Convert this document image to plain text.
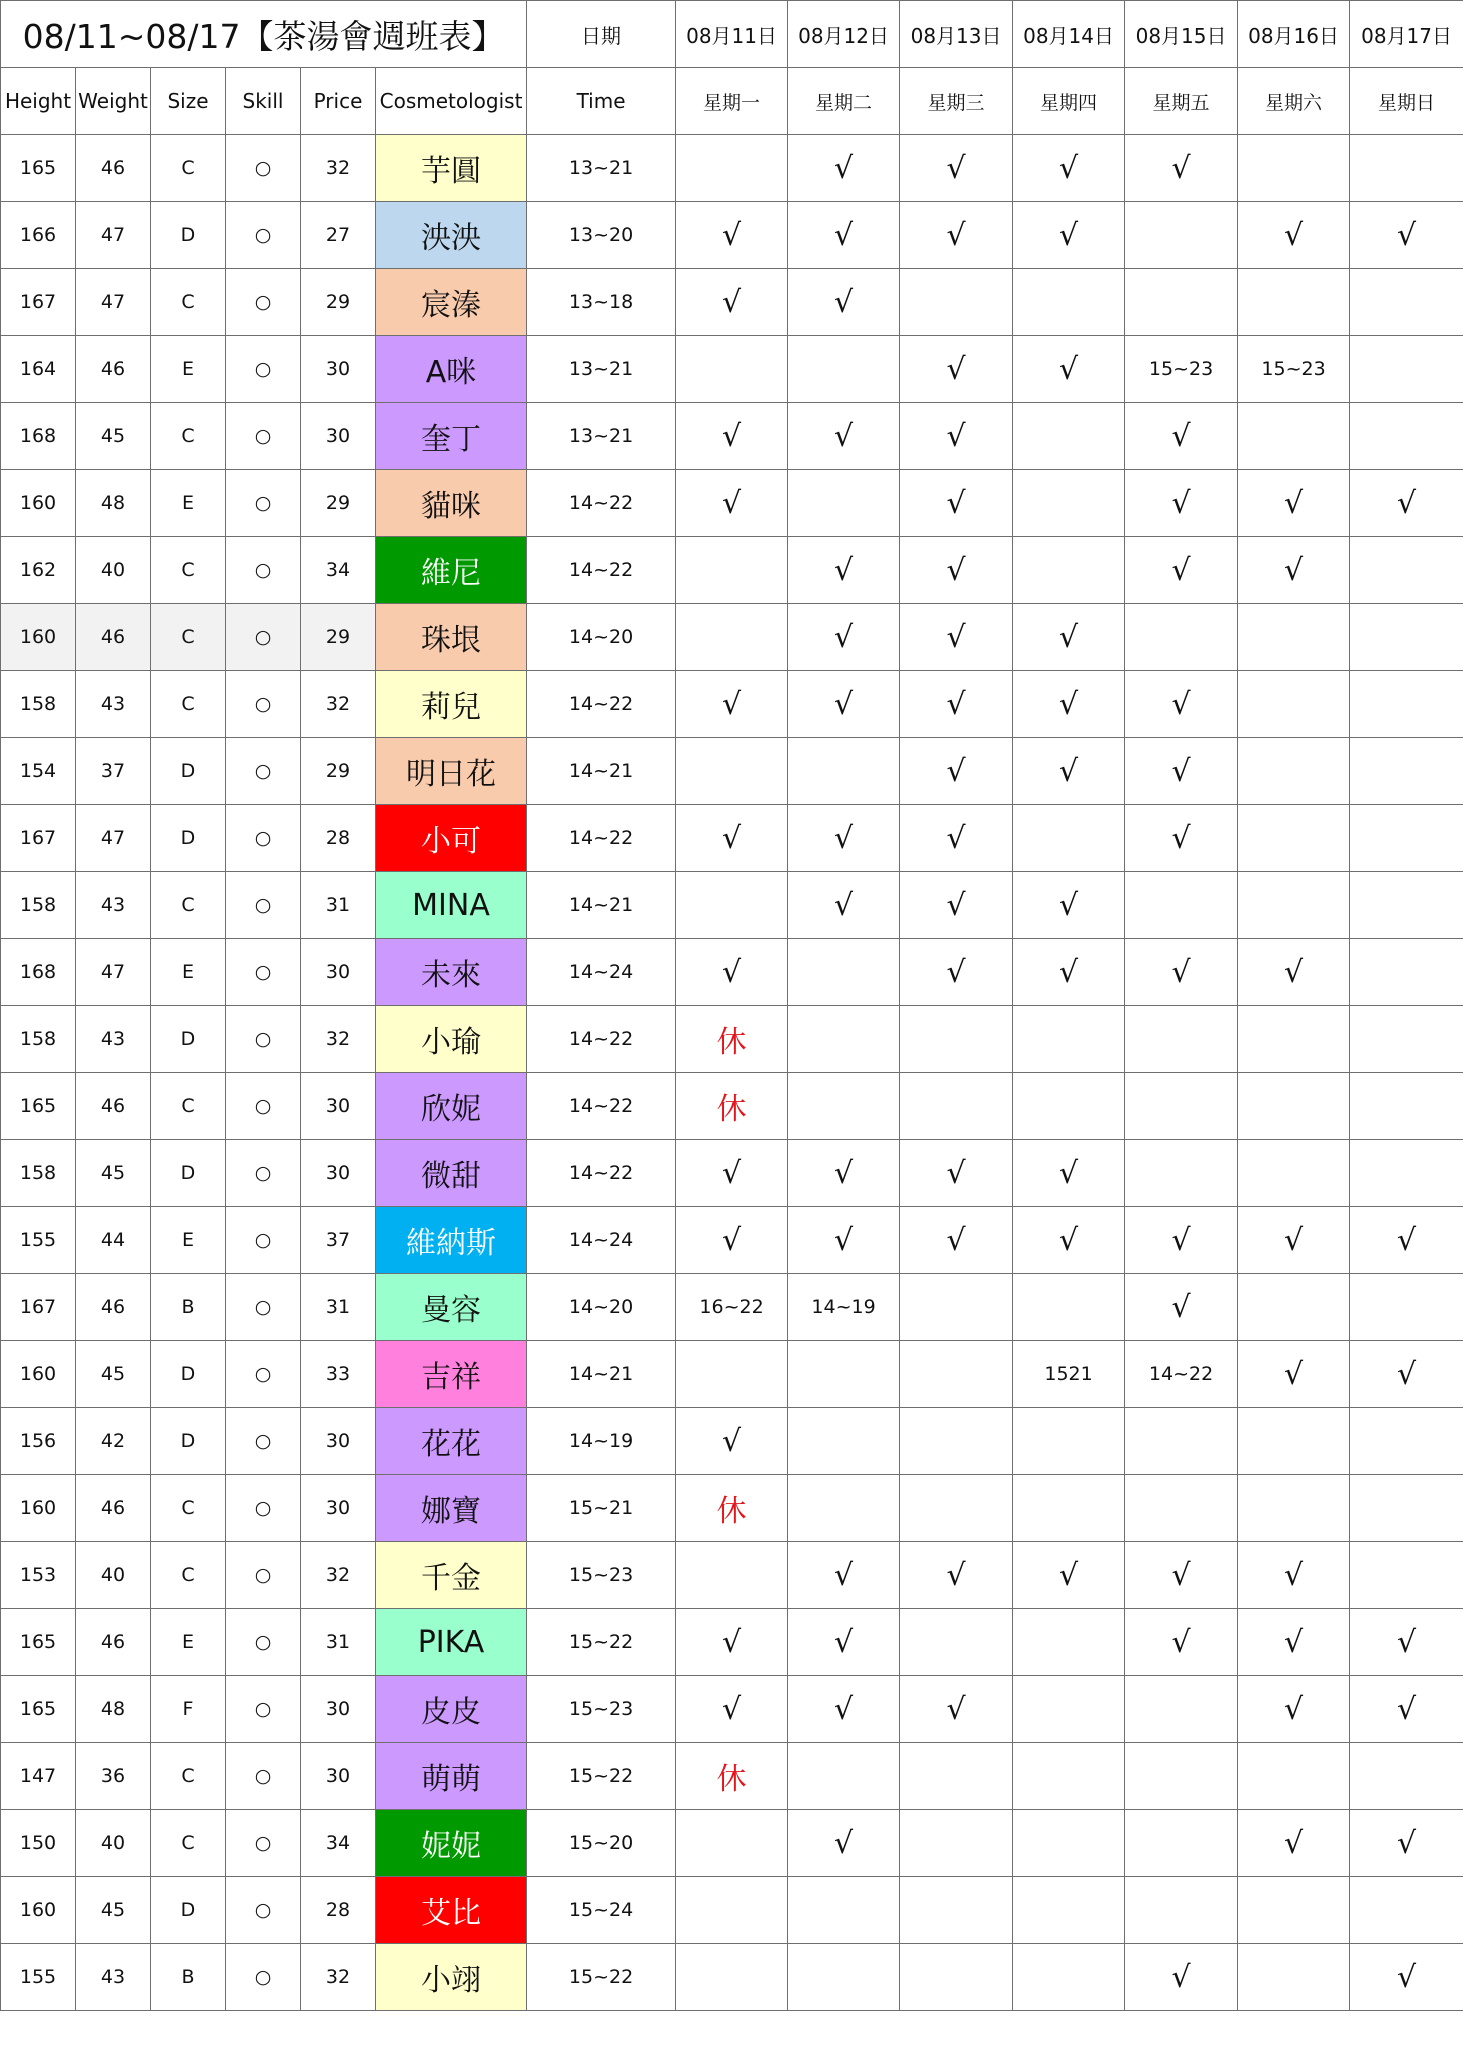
08/11~08/17【茶湯會週班表】						日期	08月11日	08月12日	08月13日	08月14日	08月15日	08月16日	08月17日
Height	Weight	Size	Skill	Price	Cosmetologist	Time	星期一	星期二	星期三	星期四	星期五	星期六	星期日
165	46	C	○	32	芋圓	13~21		√	√	√	√		
166	47	D	○	27	泱泱	13~20	√	√	√	√		√	√
167	47	C	○	29	宸溱	13~18	√	√					
164	46	E	○	30	A咪	13~21			√	√	15~23	15~23	
168	45	C	○	30	奎丁	13~21	√	√	√		√		
160	48	E	○	29	貓咪	14~22	√		√		√	√	√
162	40	C	○	34	維尼	14~22		√	√		√	√	
160	46	C	○	29	珠垠	14~20		√	√	√			
158	43	C	○	32	莉兒	14~22	√	√	√	√	√		
154	37	D	○	29	明日花	14~21			√	√	√		
167	47	D	○	28	小可	14~22	√	√	√		√		
158	43	C	○	31	MINA	14~21		√	√	√			
168	47	E	○	30	未來	14~24	√		√	√	√	√	
158	43	D	○	32	小瑜	14~22	休						
165	46	C	○	30	欣妮	14~22	休						
158	45	D	○	30	微甜	14~22	√	√	√	√			
155	44	E	○	37	維納斯	14~24	√	√	√	√	√	√	√
167	46	B	○	31	曼容	14~20	16~22	14~19			√		
160	45	D	○	33	吉祥	14~21				1521	14~22	√	√
156	42	D	○	30	花花	14~19	√						
160	46	C	○	30	娜寶	15~21	休						
153	40	C	○	32	千金	15~23		√	√	√	√	√	
165	46	E	○	31	PIKA	15~22	√	√			√	√	√
165	48	F	○	30	皮皮	15~23	√	√	√			√	√
147	36	C	○	30	萌萌	15~22	休						
150	40	C	○	34	妮妮	15~20		√				√	√
160	45	D	○	28	艾比	15~24							
155	43	B	○	32	小翊	15~22					√		√
